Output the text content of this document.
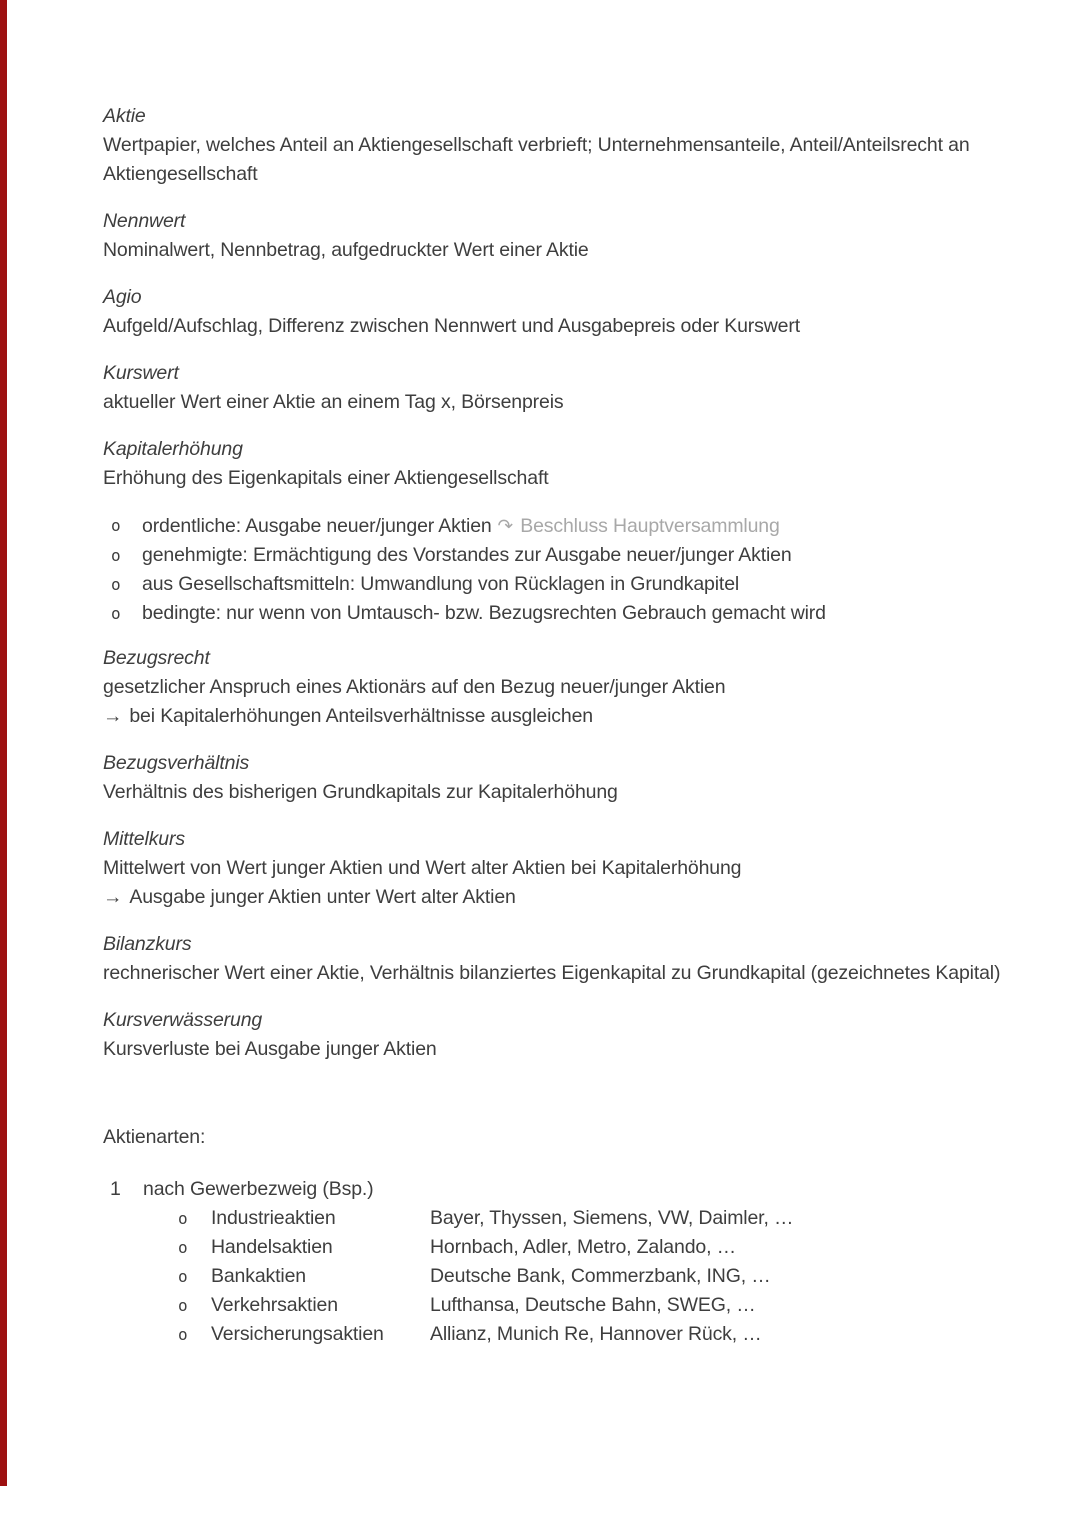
Aktie

Wertpapier, welches Anteil an Aktiengesellschaft verbrieft; Unternehmensanteile, Anteil/Anteilsrecht an Aktiengesellschaft

Nennwert

Nominalwert, Nennbetrag, aufgedruckter Wert einer Aktie

Agio

Aufgeld/Aufschlag, Differenz zwischen Nennwert und Ausgabepreis oder Kurswert

Kurswert

aktueller Wert einer Aktie an einem Tag x, Börsenpreis

Kapitalerhöhung

Erhöhung des Eigenkapitals einer Aktiengesellschaft

o	ordentliche: Ausgabe neuer/junger Aktien ↷ Beschluss Hauptversammlung
o	genehmigte: Ermächtigung des Vorstandes zur Ausgabe neuer/junger Aktien
o	aus Gesellschaftsmitteln: Umwandlung von Rücklagen in Grundkapitel
o	bedingte: nur wenn von Umtausch- bzw. Bezugsrechten Gebrauch gemacht wird
Bezugsrecht

gesetzlicher Anspruch eines Aktionärs auf den Bezug neuer/junger Aktien

→ bei Kapitalerhöhungen Anteilsverhältnisse ausgleichen

Bezugsverhältnis

Verhältnis des bisherigen Grundkapitals zur Kapitalerhöhung

Mittelkurs

Mittelwert von Wert junger Aktien und Wert alter Aktien bei Kapitalerhöhung

→ Ausgabe junger Aktien unter Wert alter Aktien

Bilanzkurs

rechnerischer Wert einer Aktie, Verhältnis bilanziertes Eigenkapital zu Grundkapital (gezeichnetes Kapital)

Kursverwässerung

Kursverluste bei Ausgabe junger Aktien

Aktienarten:

1	nach Gewerbezweig (Bsp.)
o	Industrieaktien	Bayer, Thyssen, Siemens, VW, Daimler, …
o	Handelsaktien	Hornbach, Adler, Metro, Zalando, …
o	Bankaktien	Deutsche Bank, Commerzbank, ING, …
o	Verkehrsaktien	Lufthansa, Deutsche Bahn, SWEG, …
o	Versicherungsaktien	Allianz, Munich Re, Hannover Rück, …
